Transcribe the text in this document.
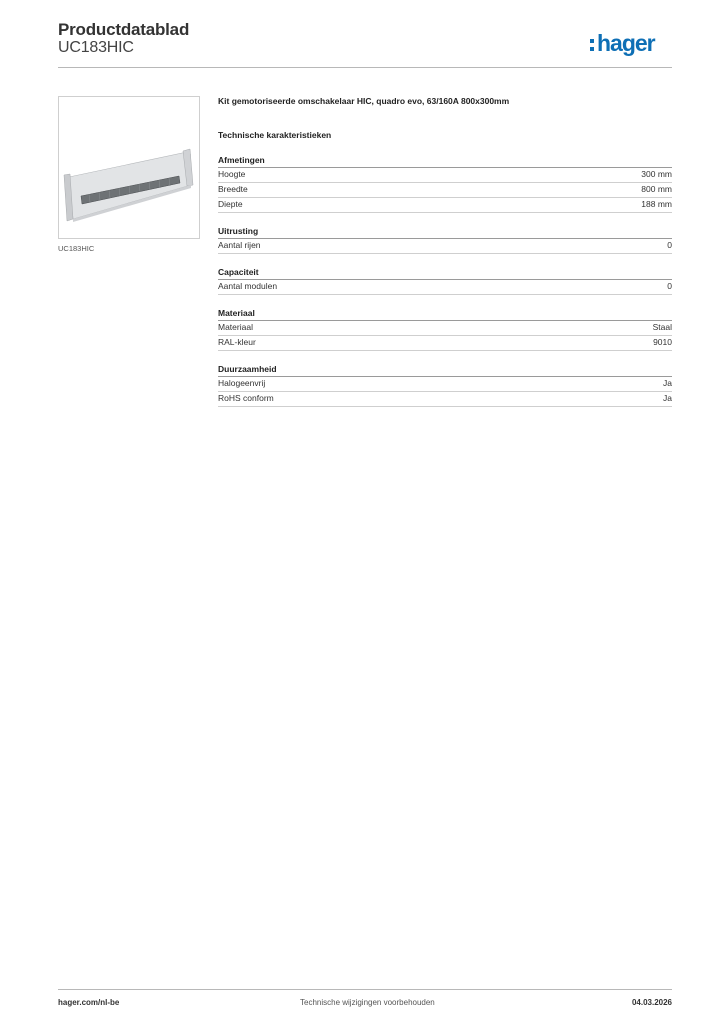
Productdatablad
UC183HIC	hager
UC183HIC
Kit gemotoriseerde omschakelaar HIC, quadro evo, 63/160A 800x300mm
Technische karakteristieken
Afmetingen
Hoogte	300 mm
Breedte	800 mm
Diepte	188 mm
Uitrusting
Aantal rijen	0
Capaciteit
Aantal modulen	0
Materiaal
Materiaal	Staal
RAL-kleur	9010
Duurzaamheid
Halogeenvrij	Ja
RoHS conform	Ja
hager.com/nl-be	Technische wijzigingen voorbehouden	04.03.2026
